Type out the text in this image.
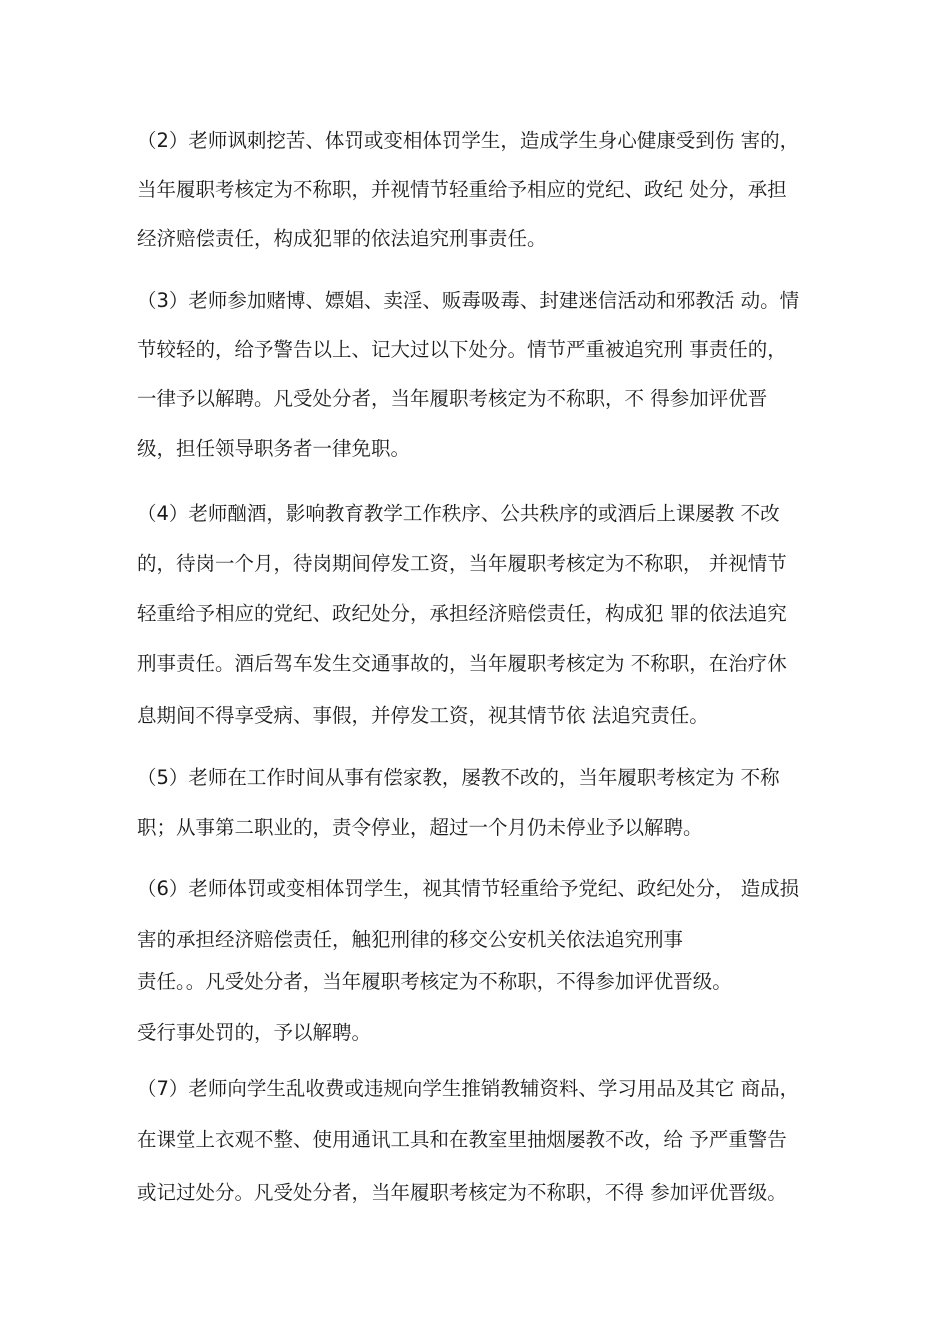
（2）老师讽刺挖苦、体罚或变相体罚学生，造成学生身心健康受到伤 害的，
当年履职考核定为不称职，并视情节轻重给予相应的党纪、政纪 处分，承担
经济赔偿责任，构成犯罪的依法追究刑事责任。
（3）老师参加赌博、嫖娼、卖淫、贩毒吸毒、封建迷信活动和邪教活 动。情
节较轻的，给予警告以上、记大过以下处分。情节严重被追究刑 事责任的，
一律予以解聘。凡受处分者，当年履职考核定为不称职，不 得参加评优晋
级，担任领导职务者一律免职。
（4）老师酗酒，影响教育教学工作秩序、公共秩序的或酒后上课屡教 不改
的，待岗一个月，待岗期间停发工资，当年履职考核定为不称职， 并视情节
轻重给予相应的党纪、政纪处分，承担经济赔偿责任，构成犯 罪的依法追究
刑事责任。酒后驾车发生交通事故的，当年履职考核定为 不称职，在治疗休
息期间不得享受病、事假，并停发工资，视其情节依 法追究责任。
（5）老师在工作时间从事有偿家教，屡教不改的，当年履职考核定为 不称
职；从事第二职业的，责令停业，超过一个月仍未停业予以解聘。
（6）老师体罚或变相体罚学生，视其情节轻重给予党纪、政纪处分， 造成损
害的承担经济赔偿责任，触犯刑律的移交公安机关依法追究刑事
责任。。凡受处分者，当年履职考核定为不称职，不得参加评优晋级。
受行事处罚的，予以解聘。
（7）老师向学生乱收费或违规向学生推销教辅资料、学习用品及其它 商品，
在课堂上衣观不整、使用通讯工具和在教室里抽烟屡教不改，给 予严重警告
或记过处分。凡受处分者，当年履职考核定为不称职，不得 参加评优晋级。
